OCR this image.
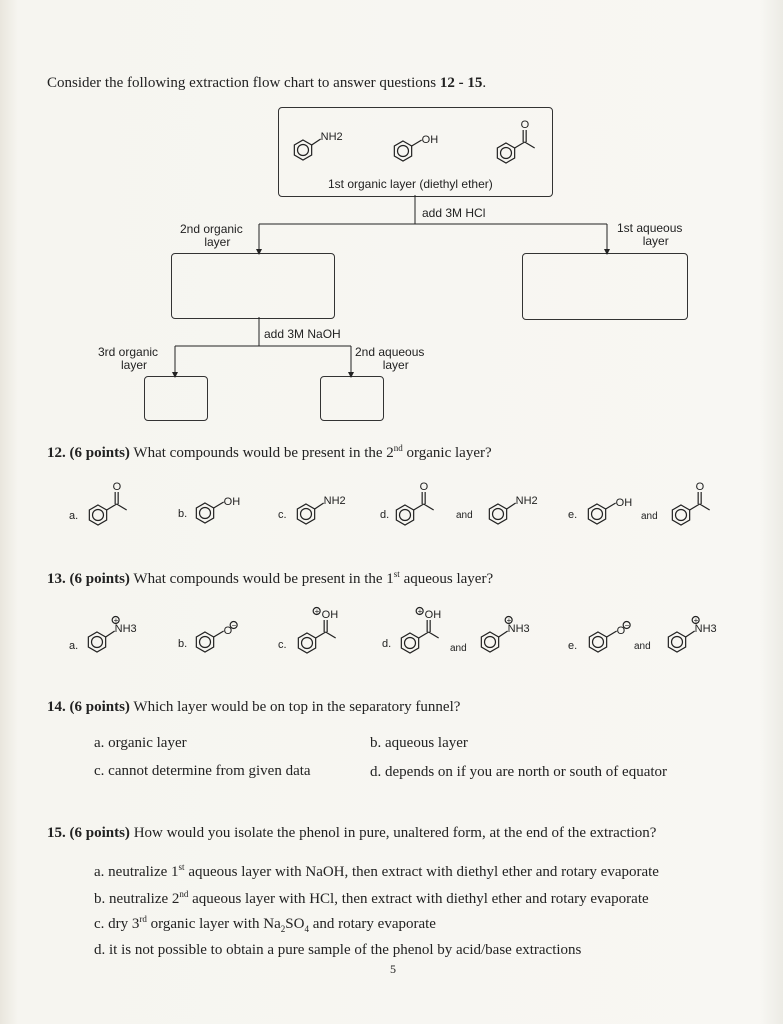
Consider the following extraction flow chart to answer questions 12 - 15.
1st organic layer (diethyl ether)
add 3M HCl
2nd organic
layer
1st aqueous
layer
add 3M NaOH
3rd organic
layer
2nd aqueous
layer
NH2	OH
O
O
OH	NH2
O
NH2	OH
O
NH3
+
O −
OH
+	OH
+
NH3
+
O −	NH3
+
12. (6 points) What compounds would be present in the 2nd organic layer?
a.	b.	c.	d.	and	e.	and
13. (6 points) What compounds would be present in the 1st aqueous layer?
a.	b.	c.	d.	and	e.	and
14. (6 points) Which layer would be on top in the separatory funnel?
a. organic layer	b. aqueous layer
c. cannot determine from given data	d. depends on if you are north or south of equator
15. (6 points) How would you isolate the phenol in pure, unaltered form, at the end of the extraction?
a. neutralize 1st aqueous layer with NaOH, then extract with diethyl ether and rotary evaporate
b. neutralize 2nd aqueous layer with HCl, then extract with diethyl ether and rotary evaporate
c. dry 3rd organic layer with $Na_2SO_4$ and rotary evaporate
d. it is not possible to obtain a pure sample of the phenol by acid/base extractions
5
